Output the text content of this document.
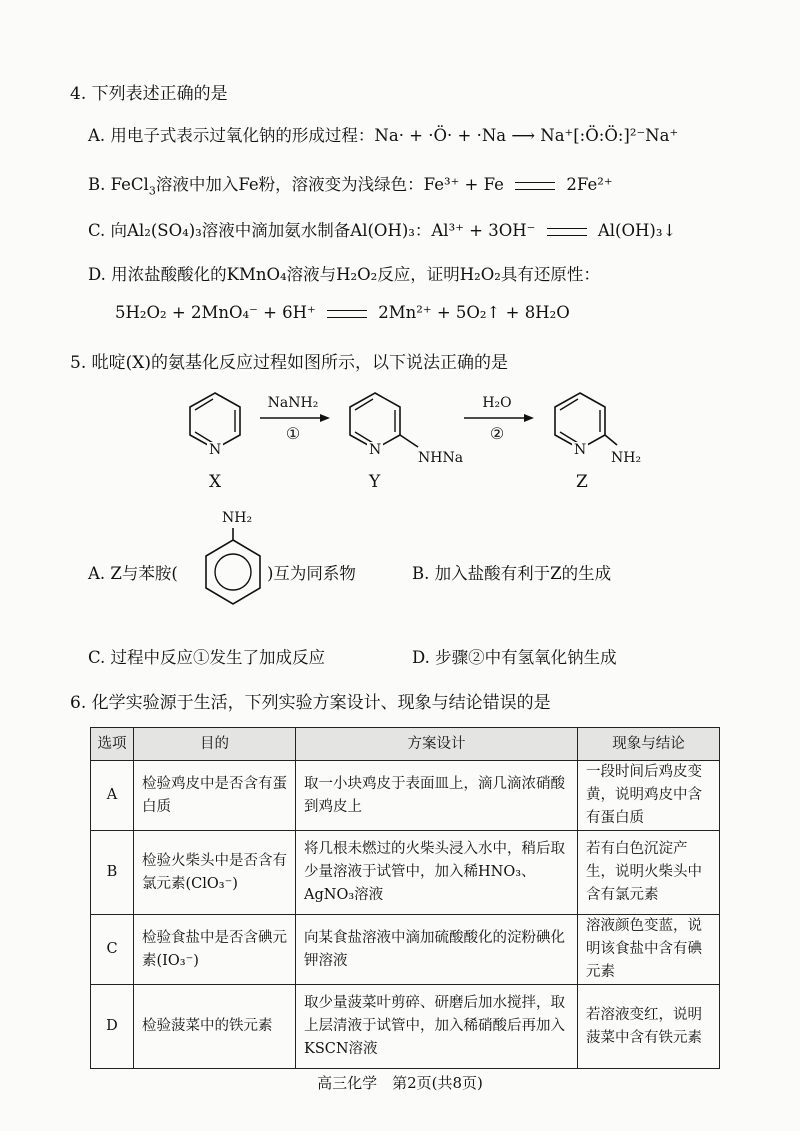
4. 下列表述正确的是
A. 用电子式表示过氧化钠的形成过程：Na· + ·Ö· + ·Na ⟶ Na⁺[:Ö:Ö:]²⁻Na⁺
B. FeCl$_3$溶液中加入Fe粉，溶液变为浅绿色：Fe³⁺ + Fe	2Fe²⁺
C. 向Al₂(SO₄)₃溶液中滴加氨水制备Al(OH)₃：Al³⁺ + 3OH⁻	Al(OH)₃↓
D. 用浓盐酸酸化的KMnO₄溶液与H₂O₂反应，证明H₂O₂具有还原性：
5H₂O₂ + 2MnO₄⁻ + 6H⁺	2Mn²⁺ + 5O₂↑ + 8H₂O
5. 吡啶(X)的氨基化反应过程如图所示，以下说法正确的是
N
X
NaNH₂
①
N	NHNa
Y
H₂O
②
N NH₂
Z
A. Z与苯胺(
NH₂
)互为同系物	B. 加入盐酸有利于Z的生成
C. 过程中反应①发生了加成反应	D. 步骤②中有氢氧化钠生成
6. 化学实验源于生活，下列实验方案设计、现象与结论错误的是
选项	目的	方案设计	现象与结论
A	检验鸡皮中是否含有蛋白质	取一小块鸡皮于表面皿上，滴几滴浓硝酸到鸡皮上	一段时间后鸡皮变黄，说明鸡皮中含有蛋白质
B	检验火柴头中是否含有氯元素(ClO₃⁻)	将几根未燃过的火柴头浸入水中，稍后取少量溶液于试管中，加入稀HNO₃、AgNO₃溶液	若有白色沉淀产生，说明火柴头中含有氯元素
C	检验食盐中是否含碘元素(IO₃⁻)	向某食盐溶液中滴加硫酸酸化的淀粉碘化钾溶液	溶液颜色变蓝，说明该食盐中含有碘元素
D	检验菠菜中的铁元素	取少量菠菜叶剪碎、研磨后加水搅拌，取上层清液于试管中，加入稀硝酸后再加入KSCN溶液	若溶液变红，说明菠菜中含有铁元素
高三化学　第2页(共8页)
